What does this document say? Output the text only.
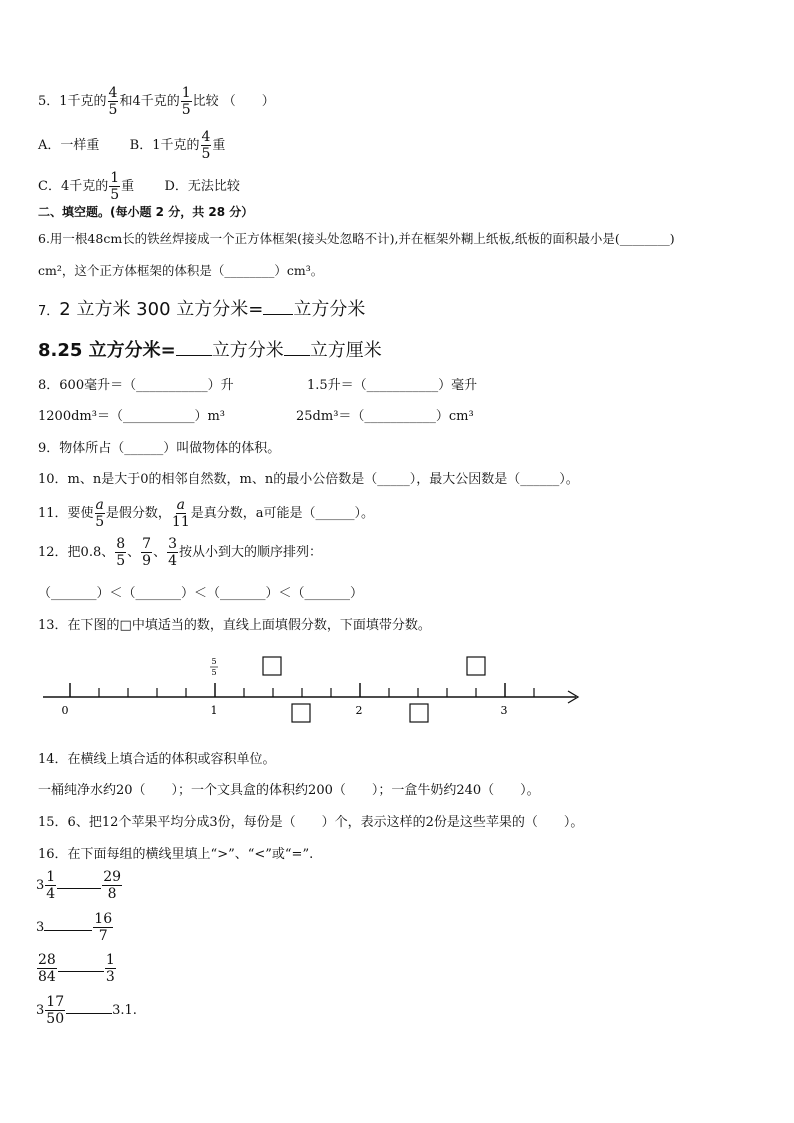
5．1千克的 $\frac{4}{5}$ 和4千克的 $\frac{1}{5}$ 比较 （　　）
A．一样重 B．1千克的 $\frac{4}{5}$ 重
C．4千克的 $\frac{1}{5}$ 重 D．无法比较
二、填空题。(每小题 2 分，共 28 分）
6.用一根48cm长的铁丝焊接成一个正方体框架(接头处忽略不计),并在框架外糊上纸板,纸板的面积最小是(________)
cm²，这个正方体框架的体积是（________）cm³。
7．2 立方米 300 立方分米= 立方分米
8.25 立方分米= 立方分米 立方厘米
8．600毫升＝（___________）升	1.5升＝（___________）毫升
1200dm³＝（___________）m³	25dm³＝（___________）cm³
9．物体所占（______）叫做物体的体积。
10．m、n是大于0的相邻自然数，m、n的最小公倍数是（_____），最大公因数是（______）。
11．要使 $\frac{a}{5}$ 是假分数， $\frac{a}{11}$ 是真分数，a可能是（______）。
12．把0.8、 $\frac{8}{5}$ 、 $\frac{7}{9}$ 、 $\frac{3}{4}$ 按从小到大的顺序排列：
（_______）＜（_______）＜（_______）＜（_______）
13．在下图的□中填适当的数，直线上面填假分数，下面填带分数。
5
5
0	1	2	3
14．在横线上填合适的体积或容积单位。
一桶纯净水约20（　　）；一个文具盒的体积约200（　　）；一盒牛奶约240（　　）。
15．6、把12个苹果平均分成3份，每份是（　　）个，表示这样的2份是这些苹果的（　　）。
16．在下面每组的横线里填上“>”、“<”或“=”.
$3 \frac{1}{4}$	$\frac{29}{8}$
3	$\frac{16}{7}$
$\frac{28}{84}$	$\frac{1}{3}$
$3 \frac{17}{50}$	3.1.
